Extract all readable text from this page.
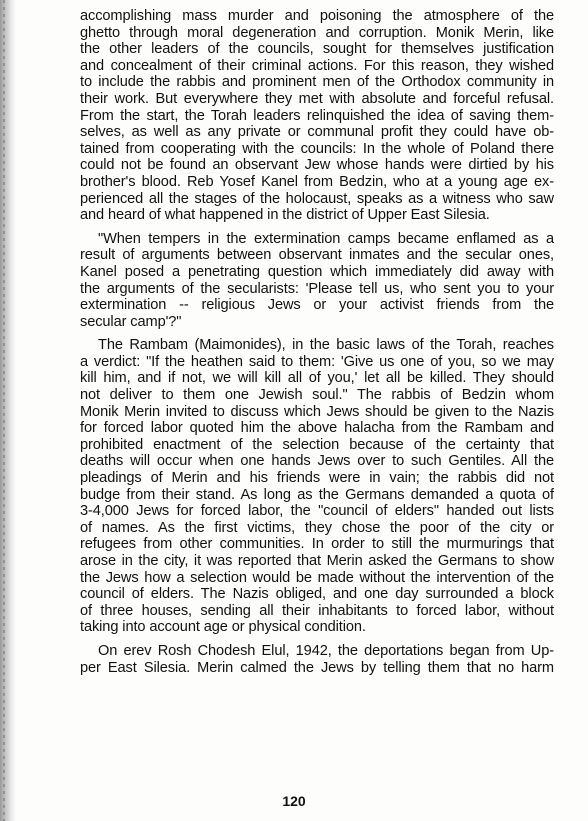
accomplishing mass murder and poisoning the atmosphere of the
ghetto through moral degeneration and corruption. Monik Merin, like
the other leaders of the councils, sought for themselves justification
and concealment of their criminal actions. For this reason, they wished
to include the rabbis and prominent men of the Orthodox community in
their work. But everywhere they met with absolute and forceful refusal.
From the start, the Torah leaders relinquished the idea of saving them-
selves, as well as any private or communal profit they could have ob-
tained from cooperating with the councils: In the whole of Poland there
could not be found an observant Jew whose hands were dirtied by his
brother's blood. Reb Yosef Kanel from Bedzin, who at a young age ex-
perienced all the stages of the holocaust, speaks as a witness who saw
and heard of what happened in the district of Upper East Silesia.

"When tempers in the extermination camps became enflamed as a
result of arguments between observant inmates and the secular ones,
Kanel posed a penetrating question which immediately did away with
the arguments of the secularists: 'Please tell us, who sent you to your
extermination -- religious Jews or your activist friends from the
secular camp'?"

The Rambam (Maimonides), in the basic laws of the Torah, reaches
a verdict: "If the heathen said to them: 'Give us one of you, so we may
kill him, and if not, we will kill all of you,' let all be killed. They should
not deliver to them one Jewish soul." The rabbis of Bedzin whom
Monik Merin invited to discuss which Jews should be given to the Nazis
for forced labor quoted him the above halacha from the Rambam and
prohibited enactment of the selection because of the certainty that
deaths will occur when one hands Jews over to such Gentiles. All the
pleadings of Merin and his friends were in vain; the rabbis did not
budge from their stand. As long as the Germans demanded a quota of
3-4,000 Jews for forced labor, the "council of elders" handed out lists
of names. As the first victims, they chose the poor of the city or
refugees from other communities. In order to still the murmurings that
arose in the city, it was reported that Merin asked the Germans to show
the Jews how a selection would be made without the intervention of the
council of elders. The Nazis obliged, and one day surrounded a block
of three houses, sending all their inhabitants to forced labor, without
taking into account age or physical condition.

On erev Rosh Chodesh Elul, 1942, the deportations began from Up-
per East Silesia. Merin calmed the Jews by telling them that no harm

120
